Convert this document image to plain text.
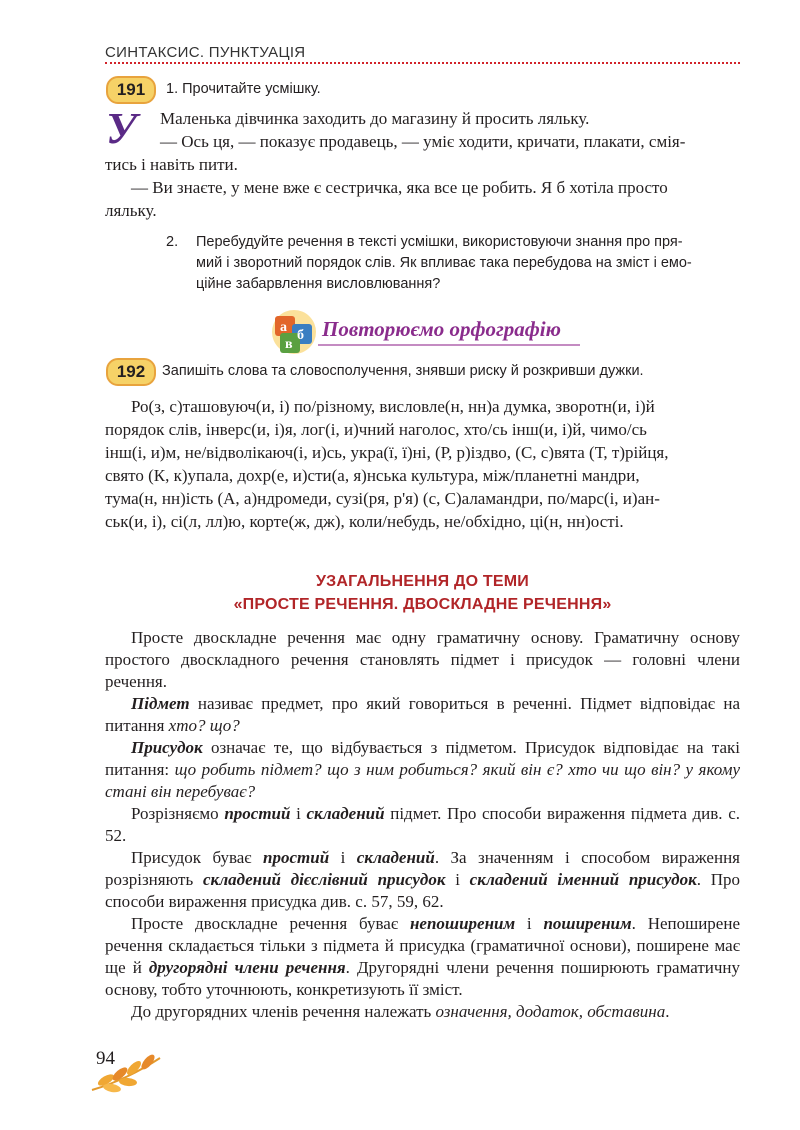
СИНТАКСИС. ПУНКТУАЦІЯ
191	1. Прочитайте усмішку.
У Маленька дівчинка заходить до магазину й просить ляльку.
— Ось ця, — показує продавець, — уміє ходити, кричати, плакати, смія-
тись і навіть пити.
— Ви знаєте, у мене вже є сестричка, яка все це робить. Я б хотіла просто
ляльку.
2. Перебудуйте речення в тексті усмішки, використовуючи знання про пря-
мий і зворотний порядок слів. Як впливає така перебудова на зміст і емо-
ційне забарвлення висловлювання?
а
б
в
Повторюємо орфографію
192	Запишіть слова та словосполучення, знявши риску й розкривши дужки.
Ро(з, с)ташовуюч(и, і) по/різному, висловле(н, нн)а думка, зворотн(и, і)й
порядок слів, інверс(и, і)я, лог(і, и)чний наголос, хто/сь інш(и, і)й, чимо/сь
інш(і, и)м, не/відволікаюч(і, и)сь, укра(ї, ї)ні, (Р, р)іздво, (С, с)вята (Т, т)рійця,
свято (К, к)упала, дохр(е, и)сти(а, я)нська культура, між/планетні мандри,
тума(н, нн)ість (А, а)ндромеди, сузі(ря, р'я) (с, С)аламандри, по/марс(і, и)ан-
ськ(и, і), сі(л, лл)ю, корте(ж, дж), коли/небудь, не/обхідно, ці(н, нн)ості.
УЗАГАЛЬНЕННЯ ДО ТЕМИ
«ПРОСТЕ РЕЧЕННЯ. ДВОСКЛАДНЕ РЕЧЕННЯ»

Просте двоскладне речення має одну граматичну основу. Граматичну основу простого двоскладного речення становлять підмет і присудок — головні члени речення.

Підмет називає предмет, про який говориться в реченні. Підмет відповідає на питання хто? що?

Присудок означає те, що відбувається з підметом. Присудок відповідає на такі питання: що робить підмет? що з ним робиться? який він є? хто чи що він? у якому стані він перебуває?

Розрізняємо простий і складений підмет. Про способи вираження підмета див. с. 52.

Присудок буває простий і складений. За значенням і способом вираження розрізняють складений дієслівний присудок і складений іменний присудок. Про способи вираження присудка див. с. 57, 59, 62.

Просте двоскладне речення буває непоширеним і поширеним. Непоширене речення складається тільки з підмета й присудка (граматичної основи), поширене має ще й другорядні члени речення. Другорядні члени речення поширюють граматичну основу, тобто уточнюють, конкретизують її зміст.

До другорядних членів речення належать означення, додаток, обставина.

94
